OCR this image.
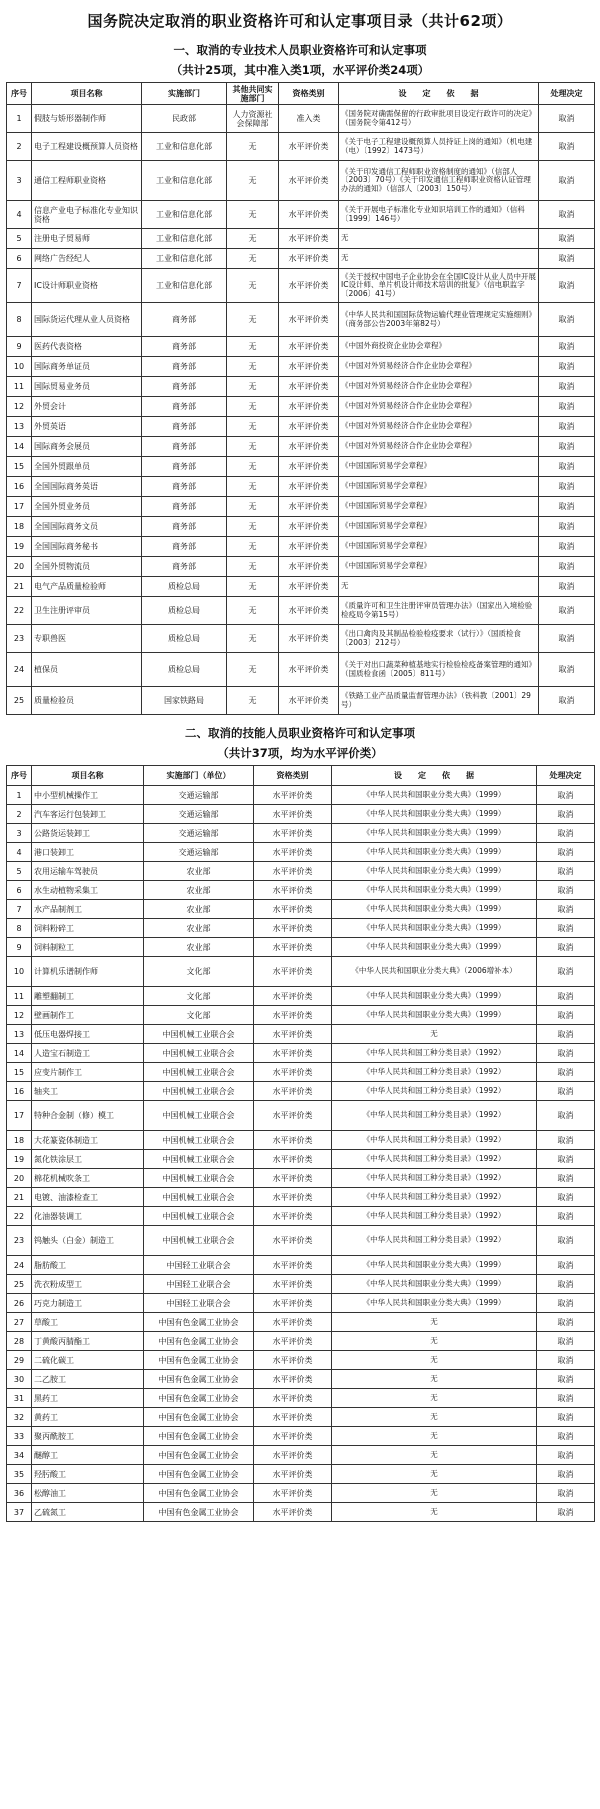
国务院决定取消的职业资格许可和认定事项目录（共计62项）
一、取消的专业技术人员职业资格许可和认定事项
（共计25项，其中准入类1项，水平评价类24项）
序号	项目名称	实施部门	其他共同实施部门	资格类别	设　　定　　依　　据	处理决定
1	假肢与矫形器制作师	民政部	人力资源社会保障部	准入类	《国务院对确需保留的行政审批项目设定行政许可的决定》（国务院令第412号）	取消
2	电子工程建设概预算人员资格	工业和信息化部	无	水平评价类	《关于电子工程建设概预算人员持证上岗的通知》（机电建（电）〔1992〕1473号）	取消
3	通信工程师职业资格	工业和信息化部	无	水平评价类	《关于印发通信工程师职业资格制度的通知》（信部人〔2003〕70号）《关于印发通信工程师职业资格认证管理办法的通知》（信部人〔2003〕150号）	取消
4	信息产业电子标准化专业知识资格	工业和信息化部	无	水平评价类	《关于开展电子标准化专业知识培训工作的通知》（信科〔1999〕146号）	取消
5	注册电子贸易师	工业和信息化部	无	水平评价类	无	取消
6	网络广告经纪人	工业和信息化部	无	水平评价类	无	取消
7	IC设计师职业资格	工业和信息化部	无	水平评价类	《关于授权中国电子企业协会在全国IC设计从业人员中开展IC设计师、单片机设计师技术培训的批复》（信电职监字〔2006〕41号）	取消
8	国际货运代理从业人员资格	商务部	无	水平评价类	《中华人民共和国国际货物运输代理业管理规定实施细则》（商务部公告2003年第82号）	取消
9	医药代表资格	商务部	无	水平评价类	《中国外商投资企业协会章程》	取消
10	国际商务单证员	商务部	无	水平评价类	《中国对外贸易经济合作企业协会章程》	取消
11	国际贸易业务员	商务部	无	水平评价类	《中国对外贸易经济合作企业协会章程》	取消
12	外贸会计	商务部	无	水平评价类	《中国对外贸易经济合作企业协会章程》	取消
13	外贸英语	商务部	无	水平评价类	《中国对外贸易经济合作企业协会章程》	取消
14	国际商务会展员	商务部	无	水平评价类	《中国对外贸易经济合作企业协会章程》	取消
15	全国外贸跟单员	商务部	无	水平评价类	《中国国际贸易学会章程》	取消
16	全国国际商务英语	商务部	无	水平评价类	《中国国际贸易学会章程》	取消
17	全国外贸业务员	商务部	无	水平评价类	《中国国际贸易学会章程》	取消
18	全国国际商务文员	商务部	无	水平评价类	《中国国际贸易学会章程》	取消
19	全国国际商务秘书	商务部	无	水平评价类	《中国国际贸易学会章程》	取消
20	全国外贸物流员	商务部	无	水平评价类	《中国国际贸易学会章程》	取消
21	电气产品质量检验师	质检总局	无	水平评价类	无	取消
22	卫生注册评审员	质检总局	无	水平评价类	《质量许可和卫生注册评审员管理办法》（国家出入境检验检疫局令第15号）	取消
23	专职兽医	质检总局	无	水平评价类	《出口禽肉及其制品检验检疫要求（试行）》（国质检食〔2003〕212号）	取消
24	植保员	质检总局	无	水平评价类	《关于对出口蔬菜种植基地实行检验检疫备案管理的通知》（国质检食函〔2005〕811号）	取消
25	质量检验员	国家铁路局	无	水平评价类	《铁路工业产品质量监督管理办法》（铁科教〔2001〕29号）	取消
二、取消的技能人员职业资格许可和认定事项
（共计37项，均为水平评价类）
序号	项目名称	实施部门（单位）	资格类别	设　　定　　依　　据	处理决定
1	中小型机械操作工	交通运输部	水平评价类	《中华人民共和国职业分类大典》（1999）	取消
2	汽车客运行包装卸工	交通运输部	水平评价类	《中华人民共和国职业分类大典》（1999）	取消
3	公路货运装卸工	交通运输部	水平评价类	《中华人民共和国职业分类大典》（1999）	取消
4	港口装卸工	交通运输部	水平评价类	《中华人民共和国职业分类大典》（1999）	取消
5	农用运输车驾驶员	农业部	水平评价类	《中华人民共和国职业分类大典》（1999）	取消
6	水生动植物采集工	农业部	水平评价类	《中华人民共和国职业分类大典》（1999）	取消
7	水产品制剂工	农业部	水平评价类	《中华人民共和国职业分类大典》（1999）	取消
8	饲料粉碎工	农业部	水平评价类	《中华人民共和国职业分类大典》（1999）	取消
9	饲料制粒工	农业部	水平评价类	《中华人民共和国职业分类大典》（1999）	取消
10	计算机乐谱制作师	文化部	水平评价类	《中华人民共和国职业分类大典》（2006增补本）	取消
11	雕塑翻制工	文化部	水平评价类	《中华人民共和国职业分类大典》（1999）	取消
12	壁画制作工	文化部	水平评价类	《中华人民共和国职业分类大典》（1999）	取消
13	低压电器焊接工	中国机械工业联合会	水平评价类	无	取消
14	人造宝石制造工	中国机械工业联合会	水平评价类	《中华人民共和国工种分类目录》（1992）	取消
15	应变片制作工	中国机械工业联合会	水平评价类	《中华人民共和国工种分类目录》（1992）	取消
16	轴夹工	中国机械工业联合会	水平评价类	《中华人民共和国工种分类目录》（1992）	取消
17	特种合金制（修）模工	中国机械工业联合会	水平评价类	《中华人民共和国工种分类目录》（1992）	取消
18	大花篆瓷体制造工	中国机械工业联合会	水平评价类	《中华人民共和国工种分类目录》（1992）	取消
19	氮化铁涂层工	中国机械工业联合会	水平评价类	《中华人民共和国工种分类目录》（1992）	取消
20	棉花机械吹条工	中国机械工业联合会	水平评价类	《中华人民共和国工种分类目录》（1992）	取消
21	电镀、油漆检查工	中国机械工业联合会	水平评价类	《中华人民共和国工种分类目录》（1992）	取消
22	化油器装调工	中国机械工业联合会	水平评价类	《中华人民共和国工种分类目录》（1992）	取消
23	钨触头（白金）制造工	中国机械工业联合会	水平评价类	《中华人民共和国工种分类目录》（1992）	取消
24	脂肪酸工	中国轻工业联合会	水平评价类	《中华人民共和国职业分类大典》（1999）	取消
25	洗衣粉成型工	中国轻工业联合会	水平评价类	《中华人民共和国职业分类大典》（1999）	取消
26	巧克力制造工	中国轻工业联合会	水平评价类	《中华人民共和国职业分类大典》（1999）	取消
27	草酸工	中国有色金属工业协会	水平评价类	无	取消
28	丁黄酸丙腈酯工	中国有色金属工业协会	水平评价类	无	取消
29	二硫化碳工	中国有色金属工业协会	水平评价类	无	取消
30	二乙胺工	中国有色金属工业协会	水平评价类	无	取消
31	黑药工	中国有色金属工业协会	水平评价类	无	取消
32	黄药工	中国有色金属工业协会	水平评价类	无	取消
33	聚丙酰胺工	中国有色金属工业协会	水平评价类	无	取消
34	醚醇工	中国有色金属工业协会	水平评价类	无	取消
35	羟肟酸工	中国有色金属工业协会	水平评价类	无	取消
36	松醇油工	中国有色金属工业协会	水平评价类	无	取消
37	乙硫氮工	中国有色金属工业协会	水平评价类	无	取消
